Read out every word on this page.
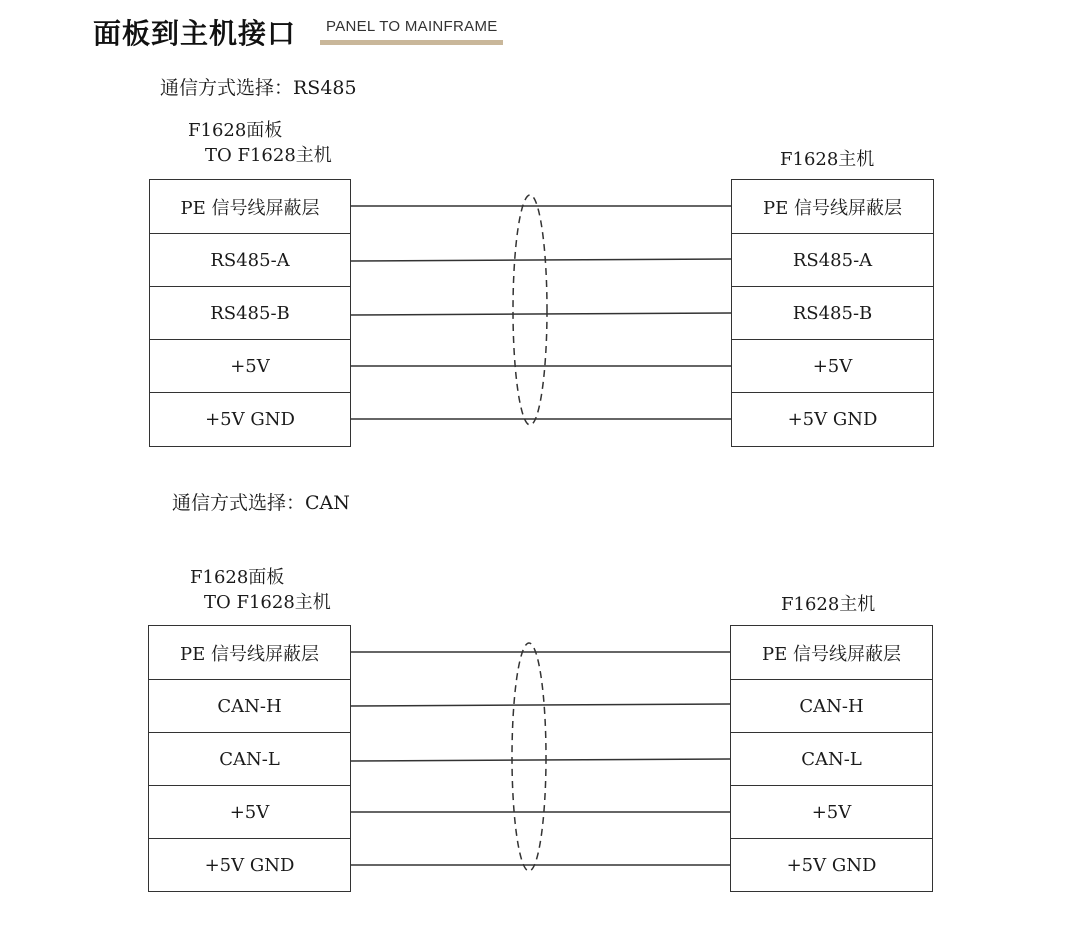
面板到主机接口 PANEL TO MAINFRAME
通信方式选择：RS485
F1628面板
TO F1628主机	F1628主机
PE 信号线屏蔽层
RS485-A
RS485-B
+5V
+5V GND
PE 信号线屏蔽层
RS485-A
RS485-B
+5V
+5V GND
通信方式选择：CAN
F1628面板
TO F1628主机	F1628主机
PE 信号线屏蔽层
CAN-H
CAN-L
+5V
+5V GND
PE 信号线屏蔽层
CAN-H
CAN-L
+5V
+5V GND
